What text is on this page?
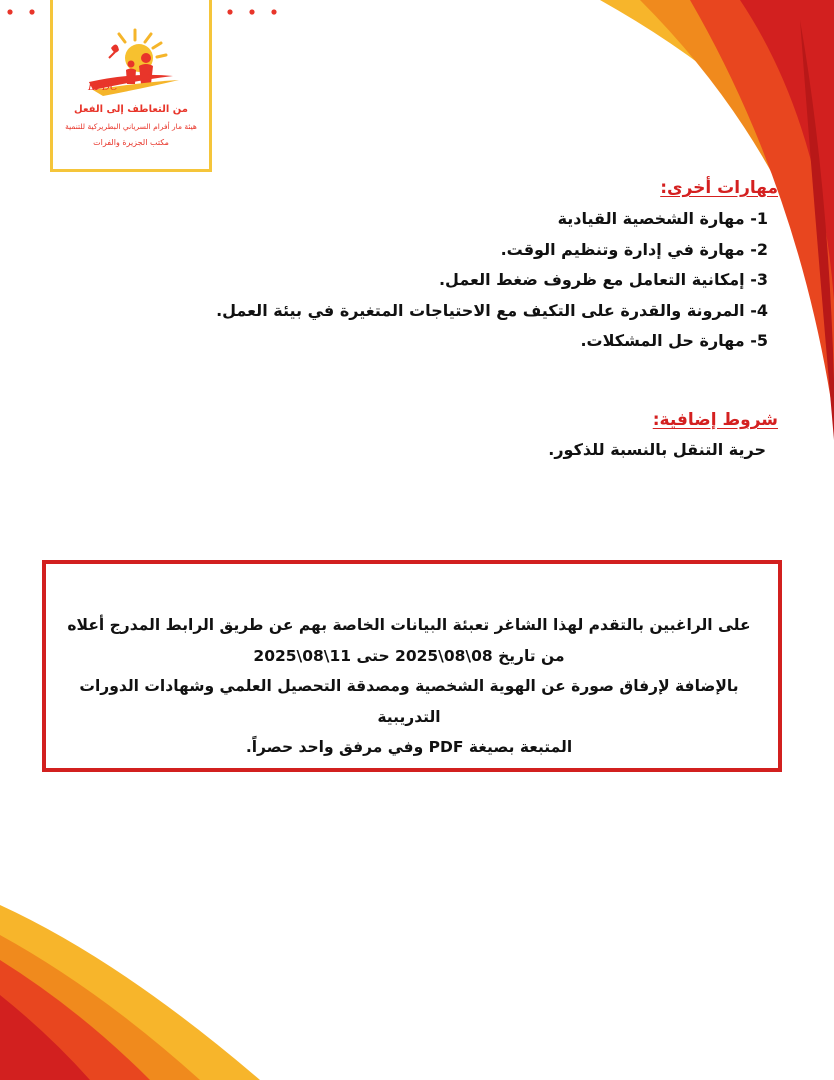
EPDC
من التعاطف إلى الفعل
هيئة مار أفرام السرياني البطريركية للتنمية
مكتب الجزيرة والفرات
مهارات أخرى:
1- مهارة الشخصية القيادية
2- مهارة في إدارة وتنظيم الوقت.
3- إمكانية التعامل مع ظروف ضغط العمل.
4- المرونة والقدرة على التكيف مع الاحتياجات المتغيرة في بيئة العمل.
5- مهارة حل المشكلات.
شروط إضافية:
حرية التنقل بالنسبة للذكور.

على الراغبين بالتقدم لهذا الشاغر تعبئة البيانات الخاصة بهم عن طريق الرابط المدرج أعلاه

من تاريخ 08\08\2025 حتى 11\08\2025

بالإضافة لإرفاق صورة عن الهوية الشخصية ومصدقة التحصيل العلمي وشهادات الدورات التدريبية

المتبعة بصيغة PDF وفي مرفق واحد حصراً.
